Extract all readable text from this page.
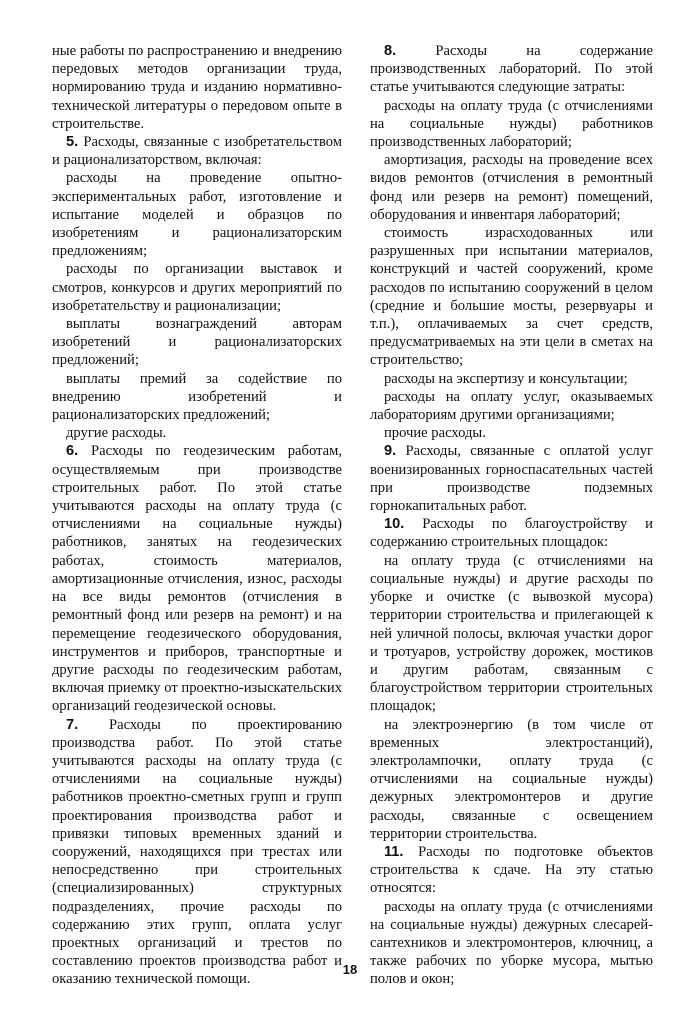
ные работы по распространению и внедрению передовых методов организации труда, нормированию труда и изданию нормативно-технической литературы о передовом опыте в строительстве.

5. Расходы, связанные с изобретательством и рационализаторством, включая:

расходы на проведение опытно-экспериментальных работ, изготовление и испытание моделей и образцов по изобретениям и рационализаторским предложениям;

расходы по организации выставок и смотров, конкурсов и других мероприятий по изобретательству и рационализации;

выплаты вознаграждений авторам изобретений и рационализаторских предложений;

выплаты премий за содействие по внедрению изобретений и рационализаторских предложений;

другие расходы.

6. Расходы по геодезическим работам, осуществляемым при производстве строительных работ. По этой статье учитываются расходы на оплату труда (с отчислениями на социальные нужды) работников, занятых на геодезических работах, стоимость материалов, амортизационные отчисления, износ, расходы на все виды ремонтов (отчисления в ремонтный фонд или резерв на ремонт) и на перемещение геодезического оборудования, инструментов и приборов, транспортные и другие расходы по геодезическим работам, включая приемку от проектно-изыскательских организаций геодезической основы.

7. Расходы по проектированию производства работ. По этой статье учитываются расходы на оплату труда (с отчислениями на социальные нужды) работников проектно-сметных групп и групп проектирования производства работ и привязки типовых временных зданий и сооружений, находящихся при трестах или непосредственно при строительных (специализированных) структурных подразделениях, прочие расходы по содержанию этих групп, оплата услуг проектных организаций и трестов по составлению проектов производства работ и оказанию технической помощи.

8.	Расходы на содержание производственных лабораторий. По этой статье учитываются следующие затраты:

расходы на оплату труда (с отчислениями на социальные нужды) работников производственных лабораторий;

амортизация, расходы на проведение всех видов ремонтов (отчисления в ремонтный фонд или резерв на ремонт) помещений, оборудования и инвентаря лабораторий;

стоимость израсходованных или разрушенных при испытании материалов, конструкций и частей сооружений, кроме расходов по испытанию сооружений в целом (средние и большие мосты, резервуары и т.п.), оплачиваемых за счет средств, предусматриваемых на эти цели в сметах на строительство;

расходы на экспертизу и консультации;

расходы на оплату услуг, оказываемых лабораториям другими организациями;

прочие расходы.

9. Расходы, связанные с оплатой услуг военизированных горноспасательных частей при производстве подземных горнокапитальных работ.

10. Расходы по благоустройству и содержанию строительных площадок:

на оплату труда (с отчислениями на социальные нужды) и другие расходы по уборке и очистке (с вывозкой мусора) территории строительства и прилегающей к ней уличной полосы, включая участки дорог и тротуаров, устройству дорожек, мостиков и другим работам, связанным с благоустройством территории строительных площадок;

на электроэнергию (в том числе от временных электростанций), электролампочки, оплату труда (с отчислениями на социальные нужды) дежурных электромонтеров и другие расходы, связанные с освещением территории строительства.

11. Расходы по подготовке объектов строительства к сдаче. На эту статью относятся:

расходы на оплату труда (с отчислениями на социальные нужды) дежурных слесарей-сантехников и электромонтеров, ключниц, а также рабочих по уборке мусора, мытью полов и окон;

18
